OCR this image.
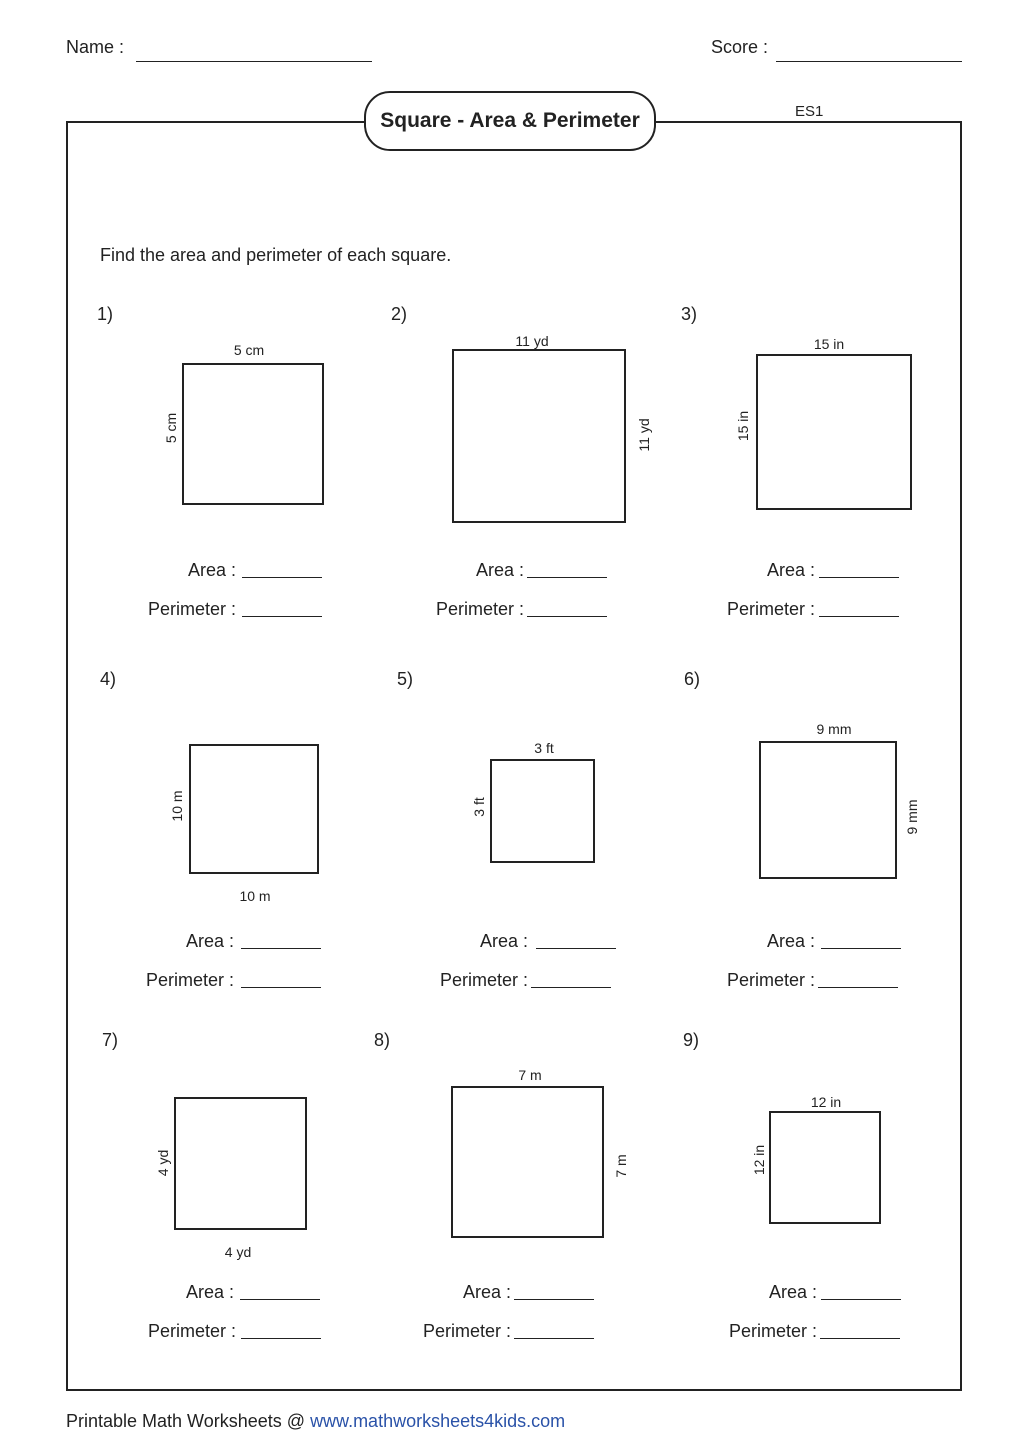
Name :	Score :
Square - Area & Perimeter	ES1
Find the area and perimeter of each square.
1)
5 cm
5 cm
Area :
Perimeter :
2)
11 yd
11 yd
Area :
Perimeter :
3)
15 in
15 in
Area :
Perimeter :
4)
10 m
10 m
Area :
Perimeter :
5)
3 ft
3 ft
Area :
Perimeter :
6)
9 mm
9 mm
Area :
Perimeter :
7)
4 yd
4 yd
Area :
Perimeter :
8)
7 m
7 m
Area :
Perimeter :
9)
12 in
12 in
Area :
Perimeter :
Printable Math Worksheets @ www.mathworksheets4kids.com
